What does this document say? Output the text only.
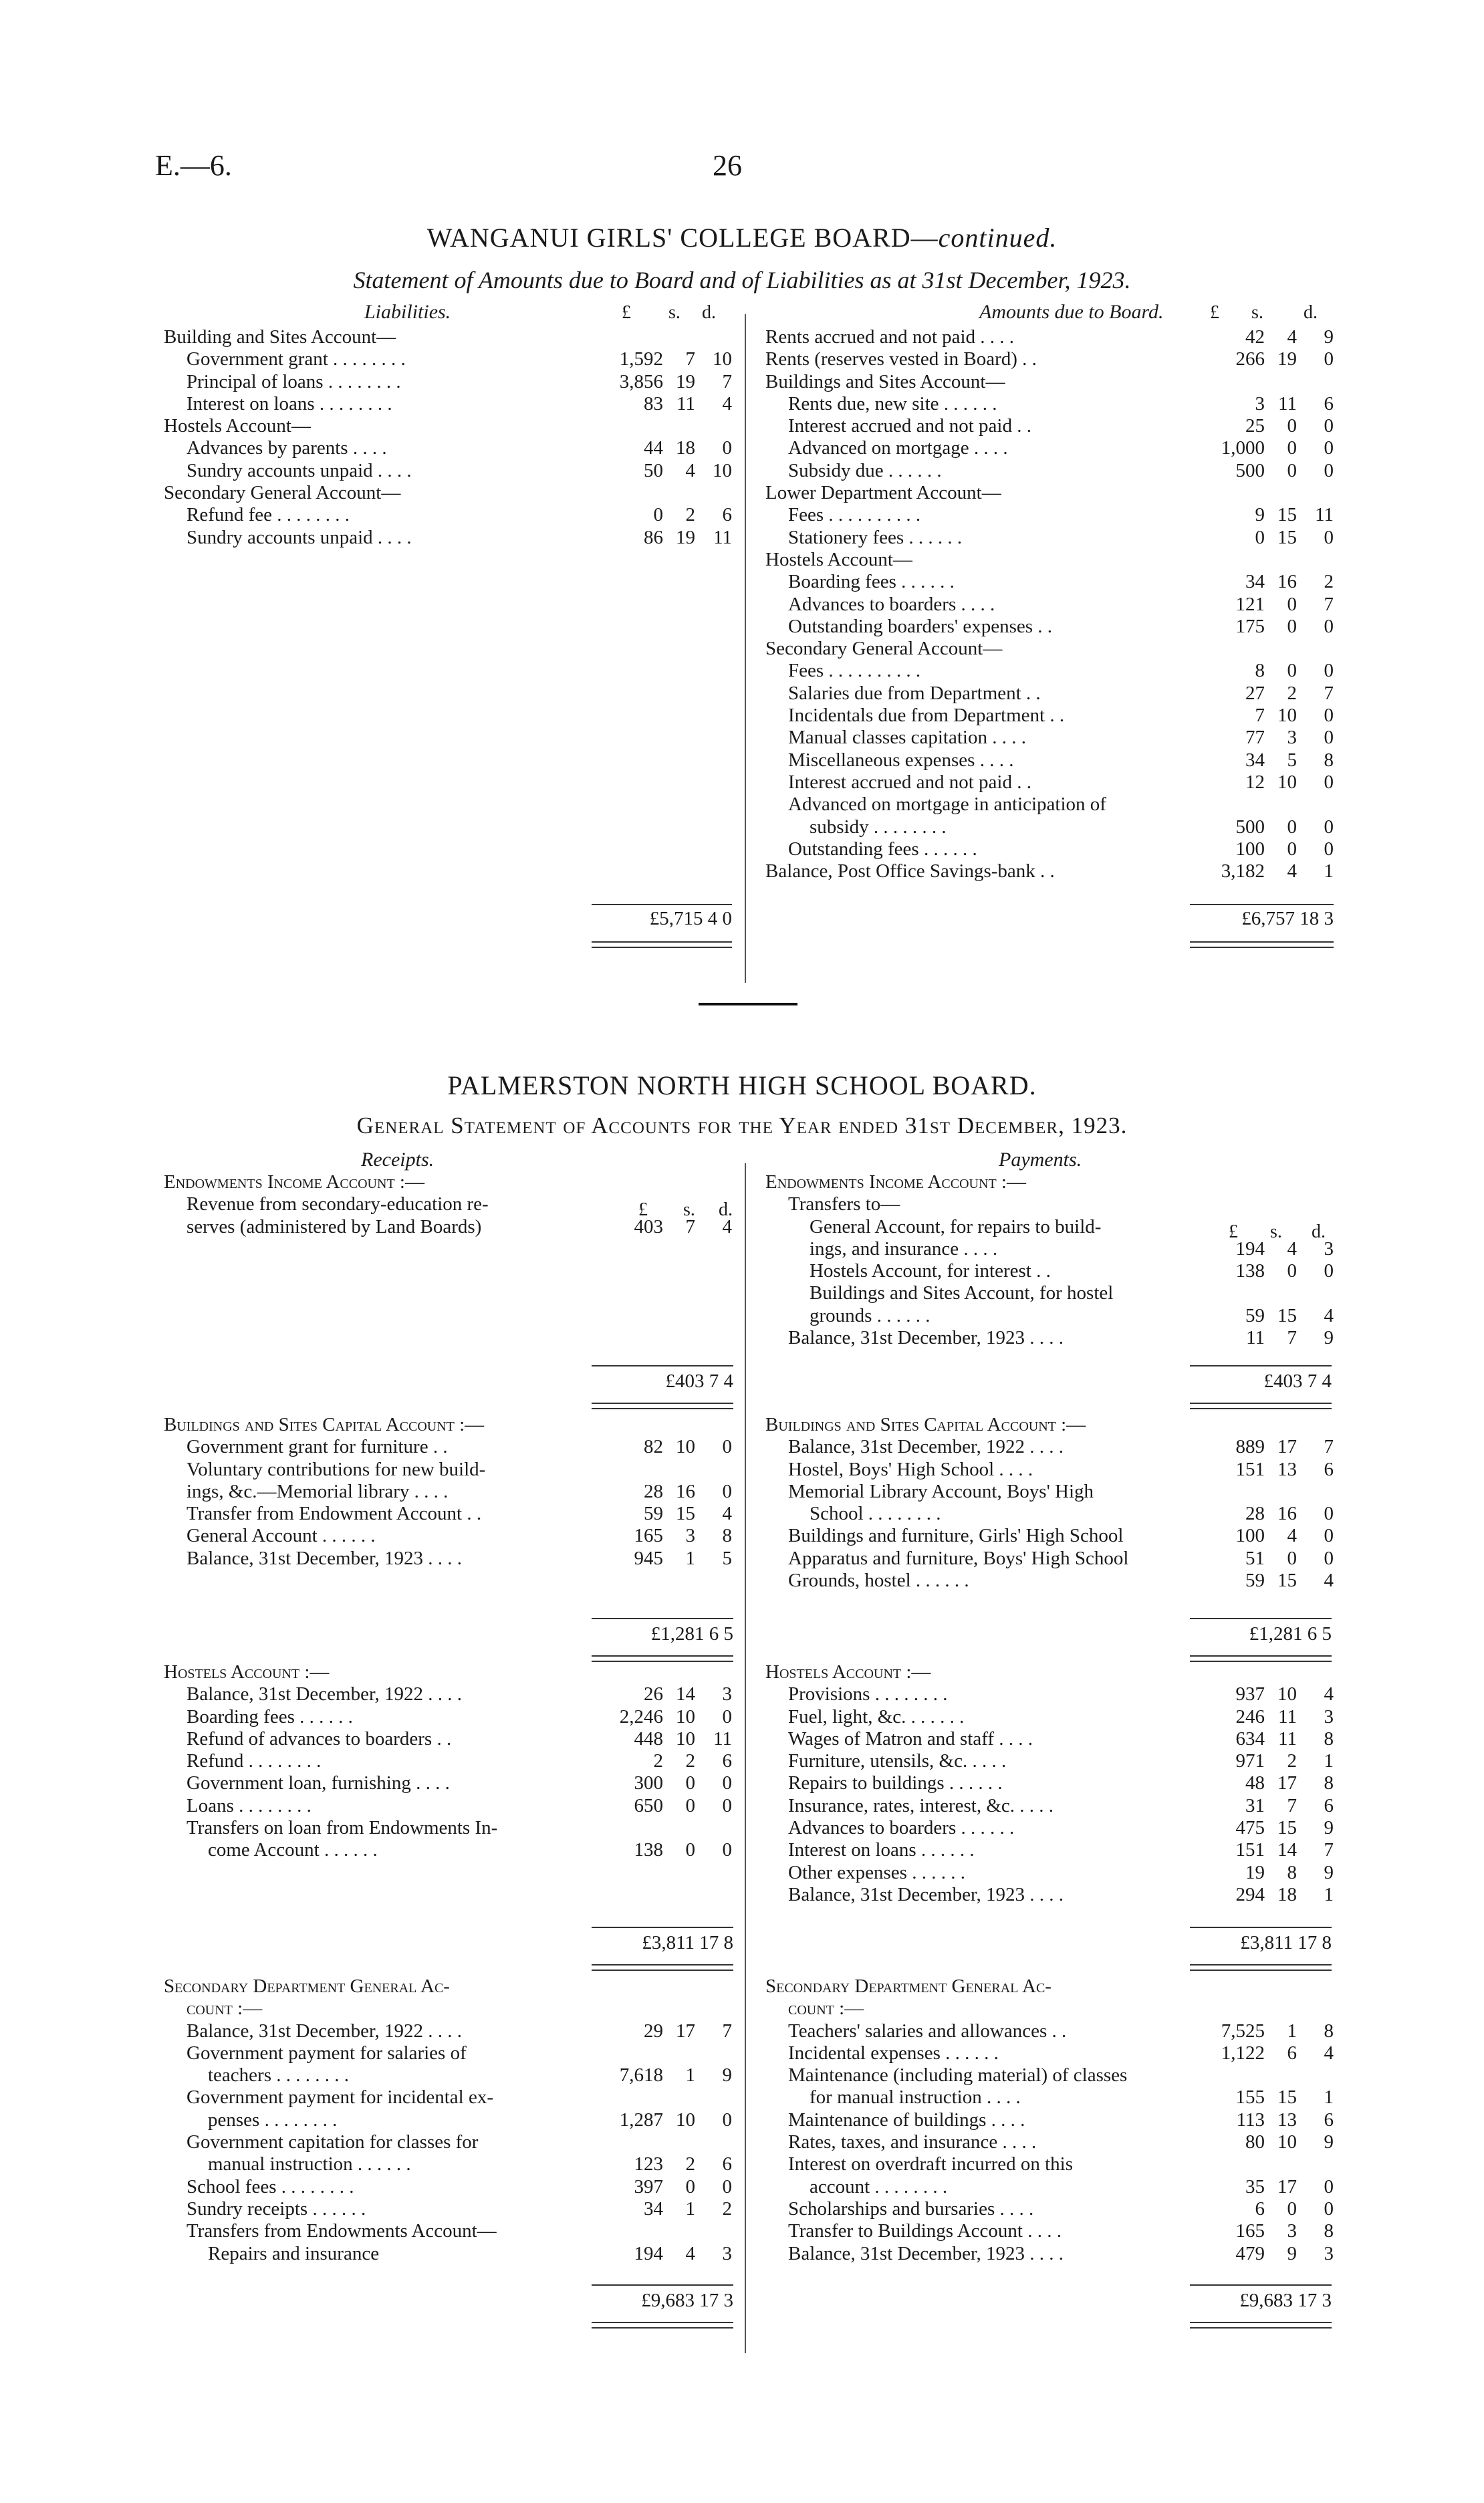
E.—6.	26
WANGANUI GIRLS' COLLEGE BOARD—continued.
Statement of Amounts due to Board and of Liabilities as at 31st December, 1923.
Liabilities.	£ s. d.	Amounts due to Board. £ s. d.
Building and Sites Account—			
Government grant . . . . . . . .	1,592	7	10
Principal of loans . . . . . . . .	3,856	19	7
Interest on loans . . . . . . . .	83	11	4
Hostels Account—			
Advances by parents . . . .	44	18	0
Sundry accounts unpaid . . . .	50	4	10
Secondary General Account—			
Refund fee . . . . . . . .	0	2	6
Sundry accounts unpaid . . . .	86	19	11
Rents accrued and not paid . . . .	42	4	9
Rents (reserves vested in Board) . .	266	19	0
Buildings and Sites Account—			
Rents due, new site . . . . . .	3	11	6
Interest accrued and not paid . .	25	0	0
Advanced on mortgage . . . .	1,000	0	0
Subsidy due . . . . . .	500	0	0
Lower Department Account—			
Fees . . . . . . . . . .	9	15	11
Stationery fees . . . . . .	0	15	0
Hostels Account—			
Boarding fees . . . . . .	34	16	2
Advances to boarders . . . .	121	0	7
Outstanding boarders' expenses . .	175	0	0
Secondary General Account—			
Fees . . . . . . . . . .	8	0	0
Salaries due from Department . .	27	2	7
Incidentals due from Department . .	7	10	0
Manual classes capitation . . . .	77	3	0
Miscellaneous expenses . . . .	34	5	8
Interest accrued and not paid . .	12	10	0
Advanced on mortgage in anticipation of			
subsidy . . . . . . . .	500	0	0
Outstanding fees . . . . . .	100	0	0
Balance, Post Office Savings-bank . .	3,182	4	1
£5,715 4 0	£6,757 18 3
PALMERSTON NORTH HIGH SCHOOL BOARD.
General Statement of Accounts for the Year ended 31st December, 1923.
Receipts.	Payments.
£ s. d.
£ s. d.
Endowments Income Account :—			
Revenue from secondary-education re-			
serves (administered by Land Boards)	403	7	4
Endowments Income Account :—			
Transfers to—			
General Account, for repairs to build-			
ings, and insurance . . . .	194	4	3
Hostels Account, for interest . .	138	0	0
Buildings and Sites Account, for hostel			
grounds . . . . . .	59	15	4
Balance, 31st December, 1923 . . . .	11	7	9
£403 7 4	£403 7 4
Buildings and Sites Capital Account :—			
Government grant for furniture . .	82	10	0
Voluntary contributions for new build-			
ings, &c.—Memorial library . . . .	28	16	0
Transfer from Endowment Account . .	59	15	4
General Account . . . . . .	165	3	8
Balance, 31st December, 1923 . . . .	945	1	5
Buildings and Sites Capital Account :—			
Balance, 31st December, 1922 . . . .	889	17	7
Hostel, Boys' High School . . . .	151	13	6
Memorial Library Account, Boys' High			
School . . . . . . . .	28	16	0
Buildings and furniture, Girls' High School	100	4	0
Apparatus and furniture, Boys' High School	51	0	0
Grounds, hostel . . . . . .	59	15	4
£1,281 6 5	£1,281 6 5
Hostels Account :—			
Balance, 31st December, 1922 . . . .	26	14	3
Boarding fees . . . . . .	2,246	10	0
Refund of advances to boarders . .	448	10	11
Refund . . . . . . . .	2	2	6
Government loan, furnishing . . . .	300	0	0
Loans . . . . . . . .	650	0	0
Transfers on loan from Endowments In-			
come Account . . . . . .	138	0	0
Hostels Account :—			
Provisions . . . . . . . .	937	10	4
Fuel, light, &c. . . . . . .	246	11	3
Wages of Matron and staff . . . .	634	11	8
Furniture, utensils, &c. . . . .	971	2	1
Repairs to buildings . . . . . .	48	17	8
Insurance, rates, interest, &c. . . . .	31	7	6
Advances to boarders . . . . . .	475	15	9
Interest on loans . . . . . .	151	14	7
Other expenses . . . . . .	19	8	9
Balance, 31st December, 1923 . . . .	294	18	1
£3,811 17 8	£3,811 17 8
Secondary Department General Ac-			
count :—			
Balance, 31st December, 1922 . . . .	29	17	7
Government payment for salaries of			
teachers . . . . . . . .	7,618	1	9
Government payment for incidental ex-			
penses . . . . . . . .	1,287	10	0
Government capitation for classes for			
manual instruction . . . . . .	123	2	6
School fees . . . . . . . .	397	0	0
Sundry receipts . . . . . .	34	1	2
Transfers from Endowments Account—			
Repairs and insurance	194	4	3
Secondary Department General Ac-			
count :—			
Teachers' salaries and allowances . .	7,525	1	8
Incidental expenses . . . . . .	1,122	6	4
Maintenance (including material) of classes			
for manual instruction . . . .	155	15	1
Maintenance of buildings . . . .	113	13	6
Rates, taxes, and insurance . . . .	80	10	9
Interest on overdraft incurred on this			
account . . . . . . . .	35	17	0
Scholarships and bursaries . . . .	6	0	0
Transfer to Buildings Account . . . .	165	3	8
Balance, 31st December, 1923 . . . .	479	9	3
£9,683 17 3	£9,683 17 3
